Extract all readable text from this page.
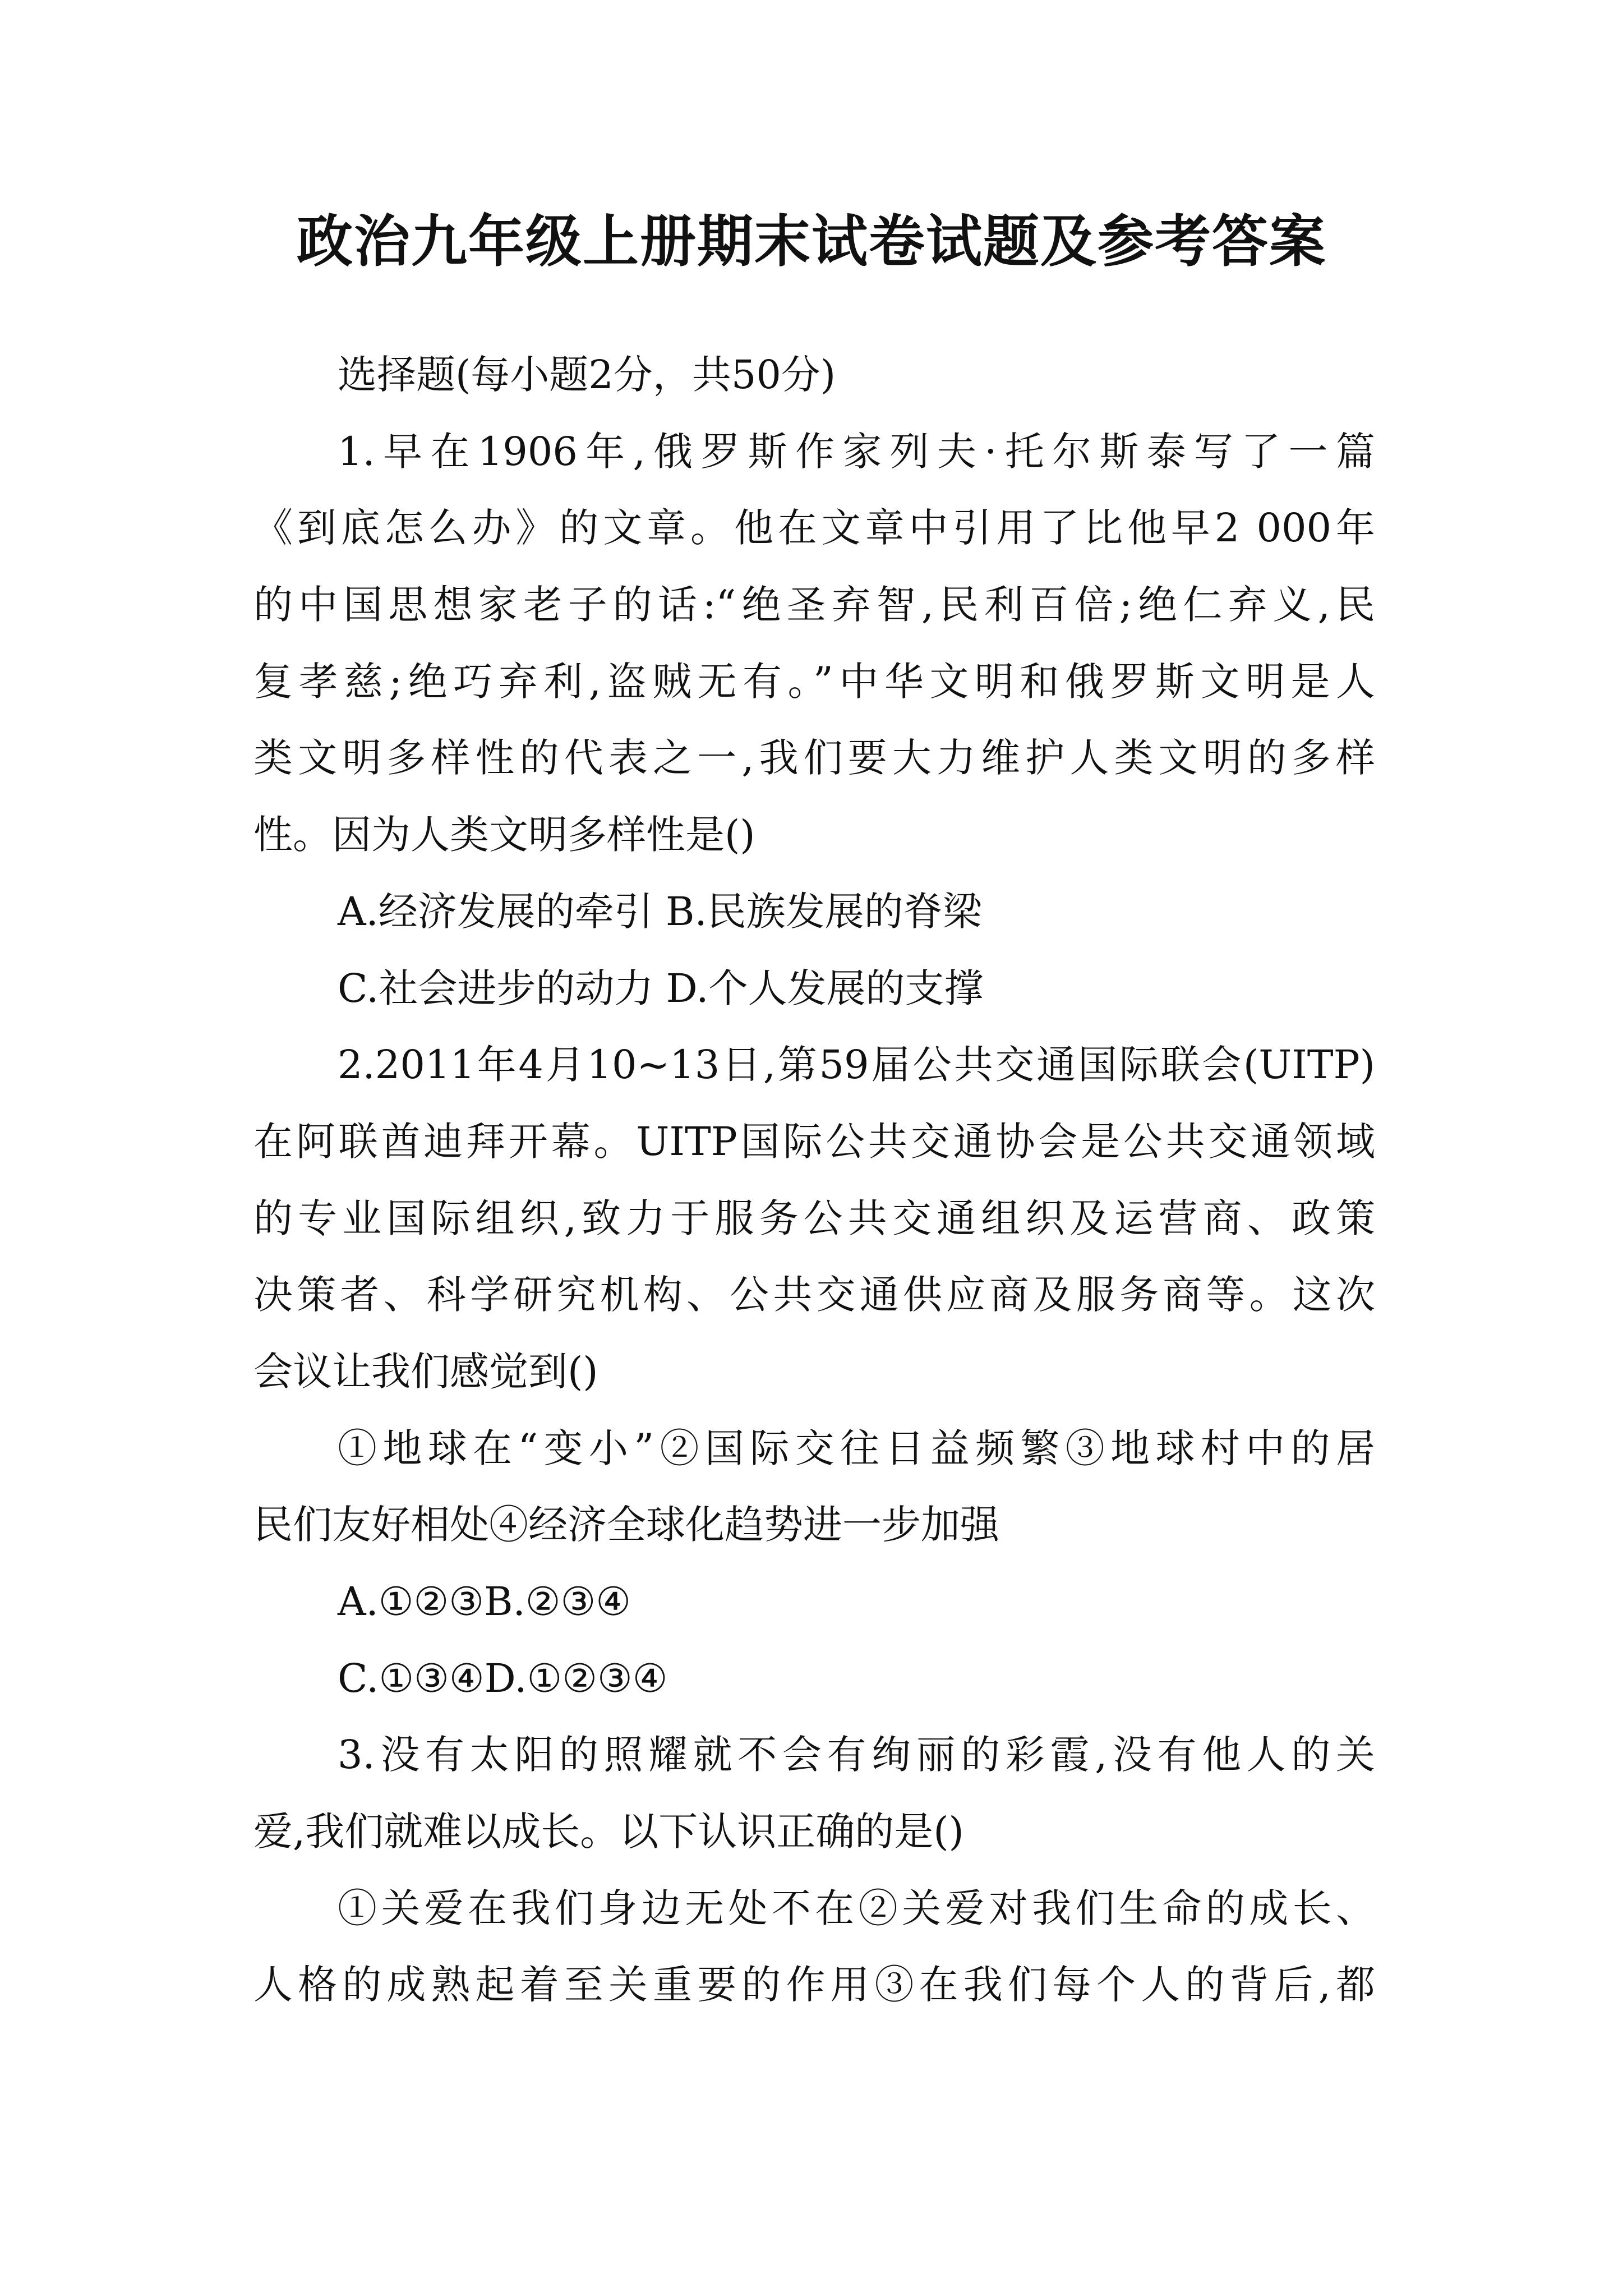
政治九年级上册期末试卷试题及参考答案
选择题(每小题2分，共50分)
1.早在1906年,俄罗斯作家列夫·托尔斯泰写了一篇
《到底怎么办》的文章。他在文章中引用了比他早2 000年
的中国思想家老子的话:“绝圣弃智,民利百倍;绝仁弃义,民
复孝慈;绝巧弃利,盗贼无有。”中华文明和俄罗斯文明是人
类文明多样性的代表之一,我们要大力维护人类文明的多样
性。因为人类文明多样性是()
A.经济发展的牵引 B.民族发展的脊梁
C.社会进步的动力 D.个人发展的支撑
2.2011年4月10~13日,第59届公共交通国际联会(UITP)
在阿联酋迪拜开幕。UITP国际公共交通协会是公共交通领域
的专业国际组织,致力于服务公共交通组织及运营商、政策
决策者、科学研究机构、公共交通供应商及服务商等。这次
会议让我们感觉到()
①地球在“变小”②国际交往日益频繁③地球村中的居
民们友好相处④经济全球化趋势进一步加强
A.①②③B.②③④
C.①③④D.①②③④
3.没有太阳的照耀就不会有绚丽的彩霞,没有他人的关
爱,我们就难以成长。以下认识正确的是()
①关爱在我们身边无处不在②关爱对我们生命的成长、
人格的成熟起着至关重要的作用③在我们每个人的背后,都
